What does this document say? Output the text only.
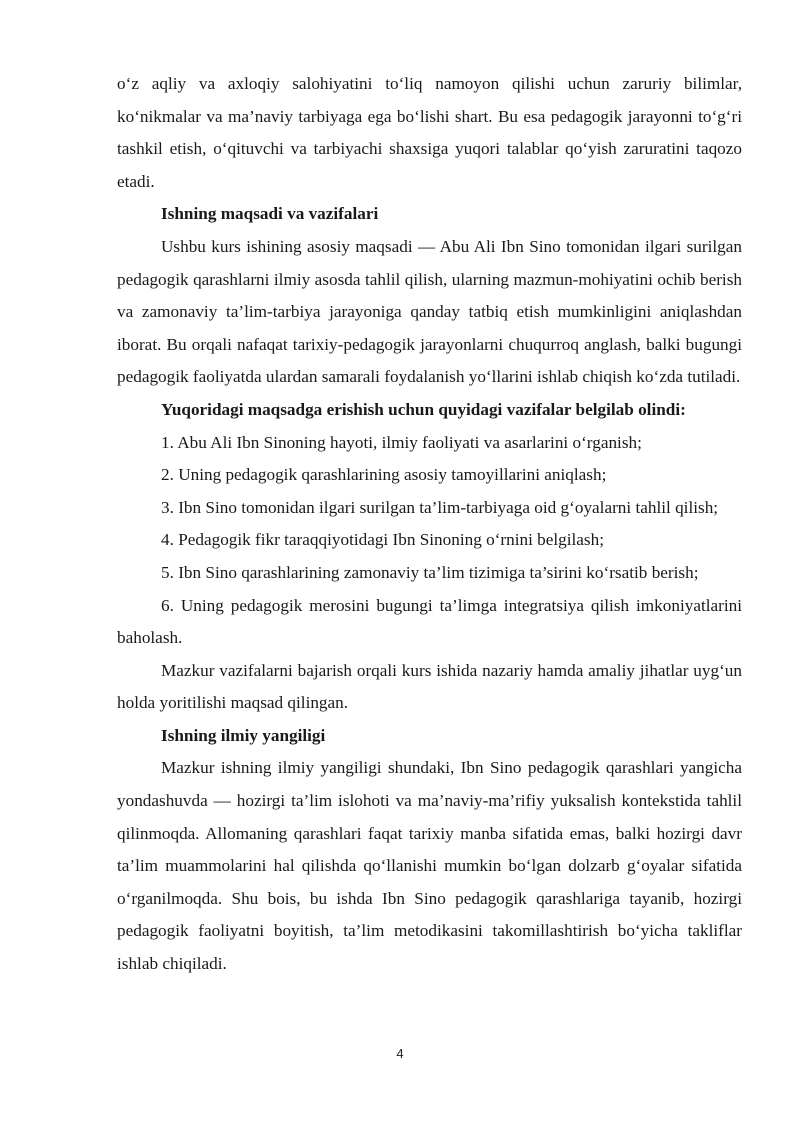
o‘z aqliy va axloqiy salohiyatini to‘liq namoyon qilishi uchun zaruriy bilimlar, ko‘nikmalar va ma’naviy tarbiyaga ega bo‘lishi shart. Bu esa pedagogik jarayonni to‘g‘ri tashkil etish, o‘qituvchi va tarbiyachi shaxsiga yuqori talablar qo‘yish zaruratini taqozo etadi.

Ishning maqsadi va vazifalari

Ushbu kurs ishining asosiy maqsadi — Abu Ali Ibn Sino tomonidan ilgari surilgan pedagogik qarashlarni ilmiy asosda tahlil qilish, ularning mazmun-mohiyatini ochib berish va zamonaviy ta’lim-tarbiya jarayoniga qanday tatbiq etish mumkinligini aniqlashdan iborat. Bu orqali nafaqat tarixiy-pedagogik jarayonlarni chuqurroq anglash, balki bugungi pedagogik faoliyatda ulardan samarali foydalanish yo‘llarini ishlab chiqish ko‘zda tutiladi.

Yuqoridagi maqsadga erishish uchun quyidagi vazifalar belgilab olindi:

1. Abu Ali Ibn Sinoning hayoti, ilmiy faoliyati va asarlarini o‘rganish;

2. Uning pedagogik qarashlarining asosiy tamoyillarini aniqlash;

3. Ibn Sino tomonidan ilgari surilgan ta’lim-tarbiyaga oid g‘oyalarni tahlil qilish;

4. Pedagogik fikr taraqqiyotidagi Ibn Sinoning o‘rnini belgilash;

5. Ibn Sino qarashlarining zamonaviy ta’lim tizimiga ta’sirini ko‘rsatib berish;

6. Uning pedagogik merosini bugungi ta’limga integratsiya qilish imkoniyatlarini baholash.

Mazkur vazifalarni bajarish orqali kurs ishida nazariy hamda amaliy jihatlar uyg‘un holda yoritilishi maqsad qilingan.

Ishning ilmiy yangiligi

Mazkur ishning ilmiy yangiligi shundaki, Ibn Sino pedagogik qarashlari yangicha yondashuvda — hozirgi ta’lim islohoti va ma’naviy-ma’rifiy yuksalish kontekstida tahlil qilinmoqda. Allomaning qarashlari faqat tarixiy manba sifatida emas, balki hozirgi davr ta’lim muammolarini hal qilishda qo‘llanishi mumkin bo‘lgan dolzarb g‘oyalar sifatida o‘rganilmoqda. Shu bois, bu ishda Ibn Sino pedagogik qarashlariga tayanib, hozirgi pedagogik faoliyatni boyitish, ta’lim metodikasini takomillashtirish bo‘yicha takliflar ishlab chiqiladi.

4
